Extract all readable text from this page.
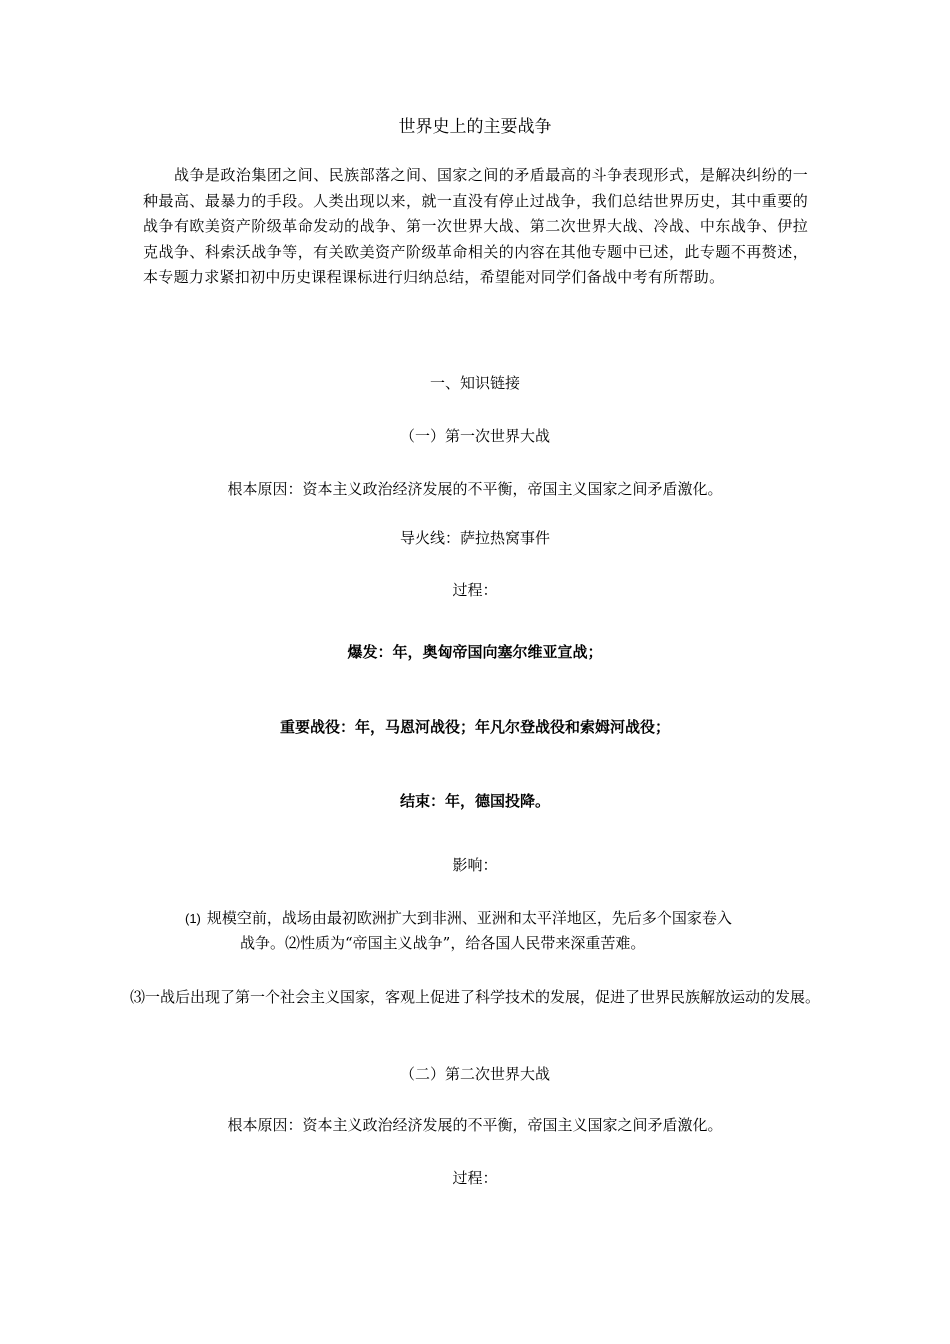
世界史上的主要战争
战争是政治集团之间、民族部落之间、国家之间的矛盾最高的斗争表现形式，是解决纠纷的一种最高、最暴力的手段。人类出现以来，就一直没有停止过战争，我们总结世界历史，其中重要的战争有欧美资产阶级革命发动的战争、第一次世界大战、第二次世界大战、冷战、中东战争、伊拉克战争、科索沃战争等，有关欧美资产阶级革命相关的内容在其他专题中已述，此专题不再赘述，本专题力求紧扣初中历史课程课标进行归纳总结，希望能对同学们备战中考有所帮助。
一、知识链接
（一）第一次世界大战
根本原因：资本主义政治经济发展的不平衡，帝国主义国家之间矛盾激化。
导火线：萨拉热窝事件
过程：
爆发：年，奥匈帝国向塞尔维亚宣战；
重要战役：年，马恩河战役；年凡尔登战役和索姆河战役；
结束：年，德国投降。
影响：
(1) 规模空前，战场由最初欧洲扩大到非洲、亚洲和太平洋地区，先后多个国家卷入
战争。⑵性质为“帝国主义战争”，给各国人民带来深重苦难。
⑶一战后出现了第一个社会主义国家，客观上促进了科学技术的发展，促进了世界民族解放运动的发展。
（二）第二次世界大战
根本原因：资本主义政治经济发展的不平衡，帝国主义国家之间矛盾激化。
过程：
